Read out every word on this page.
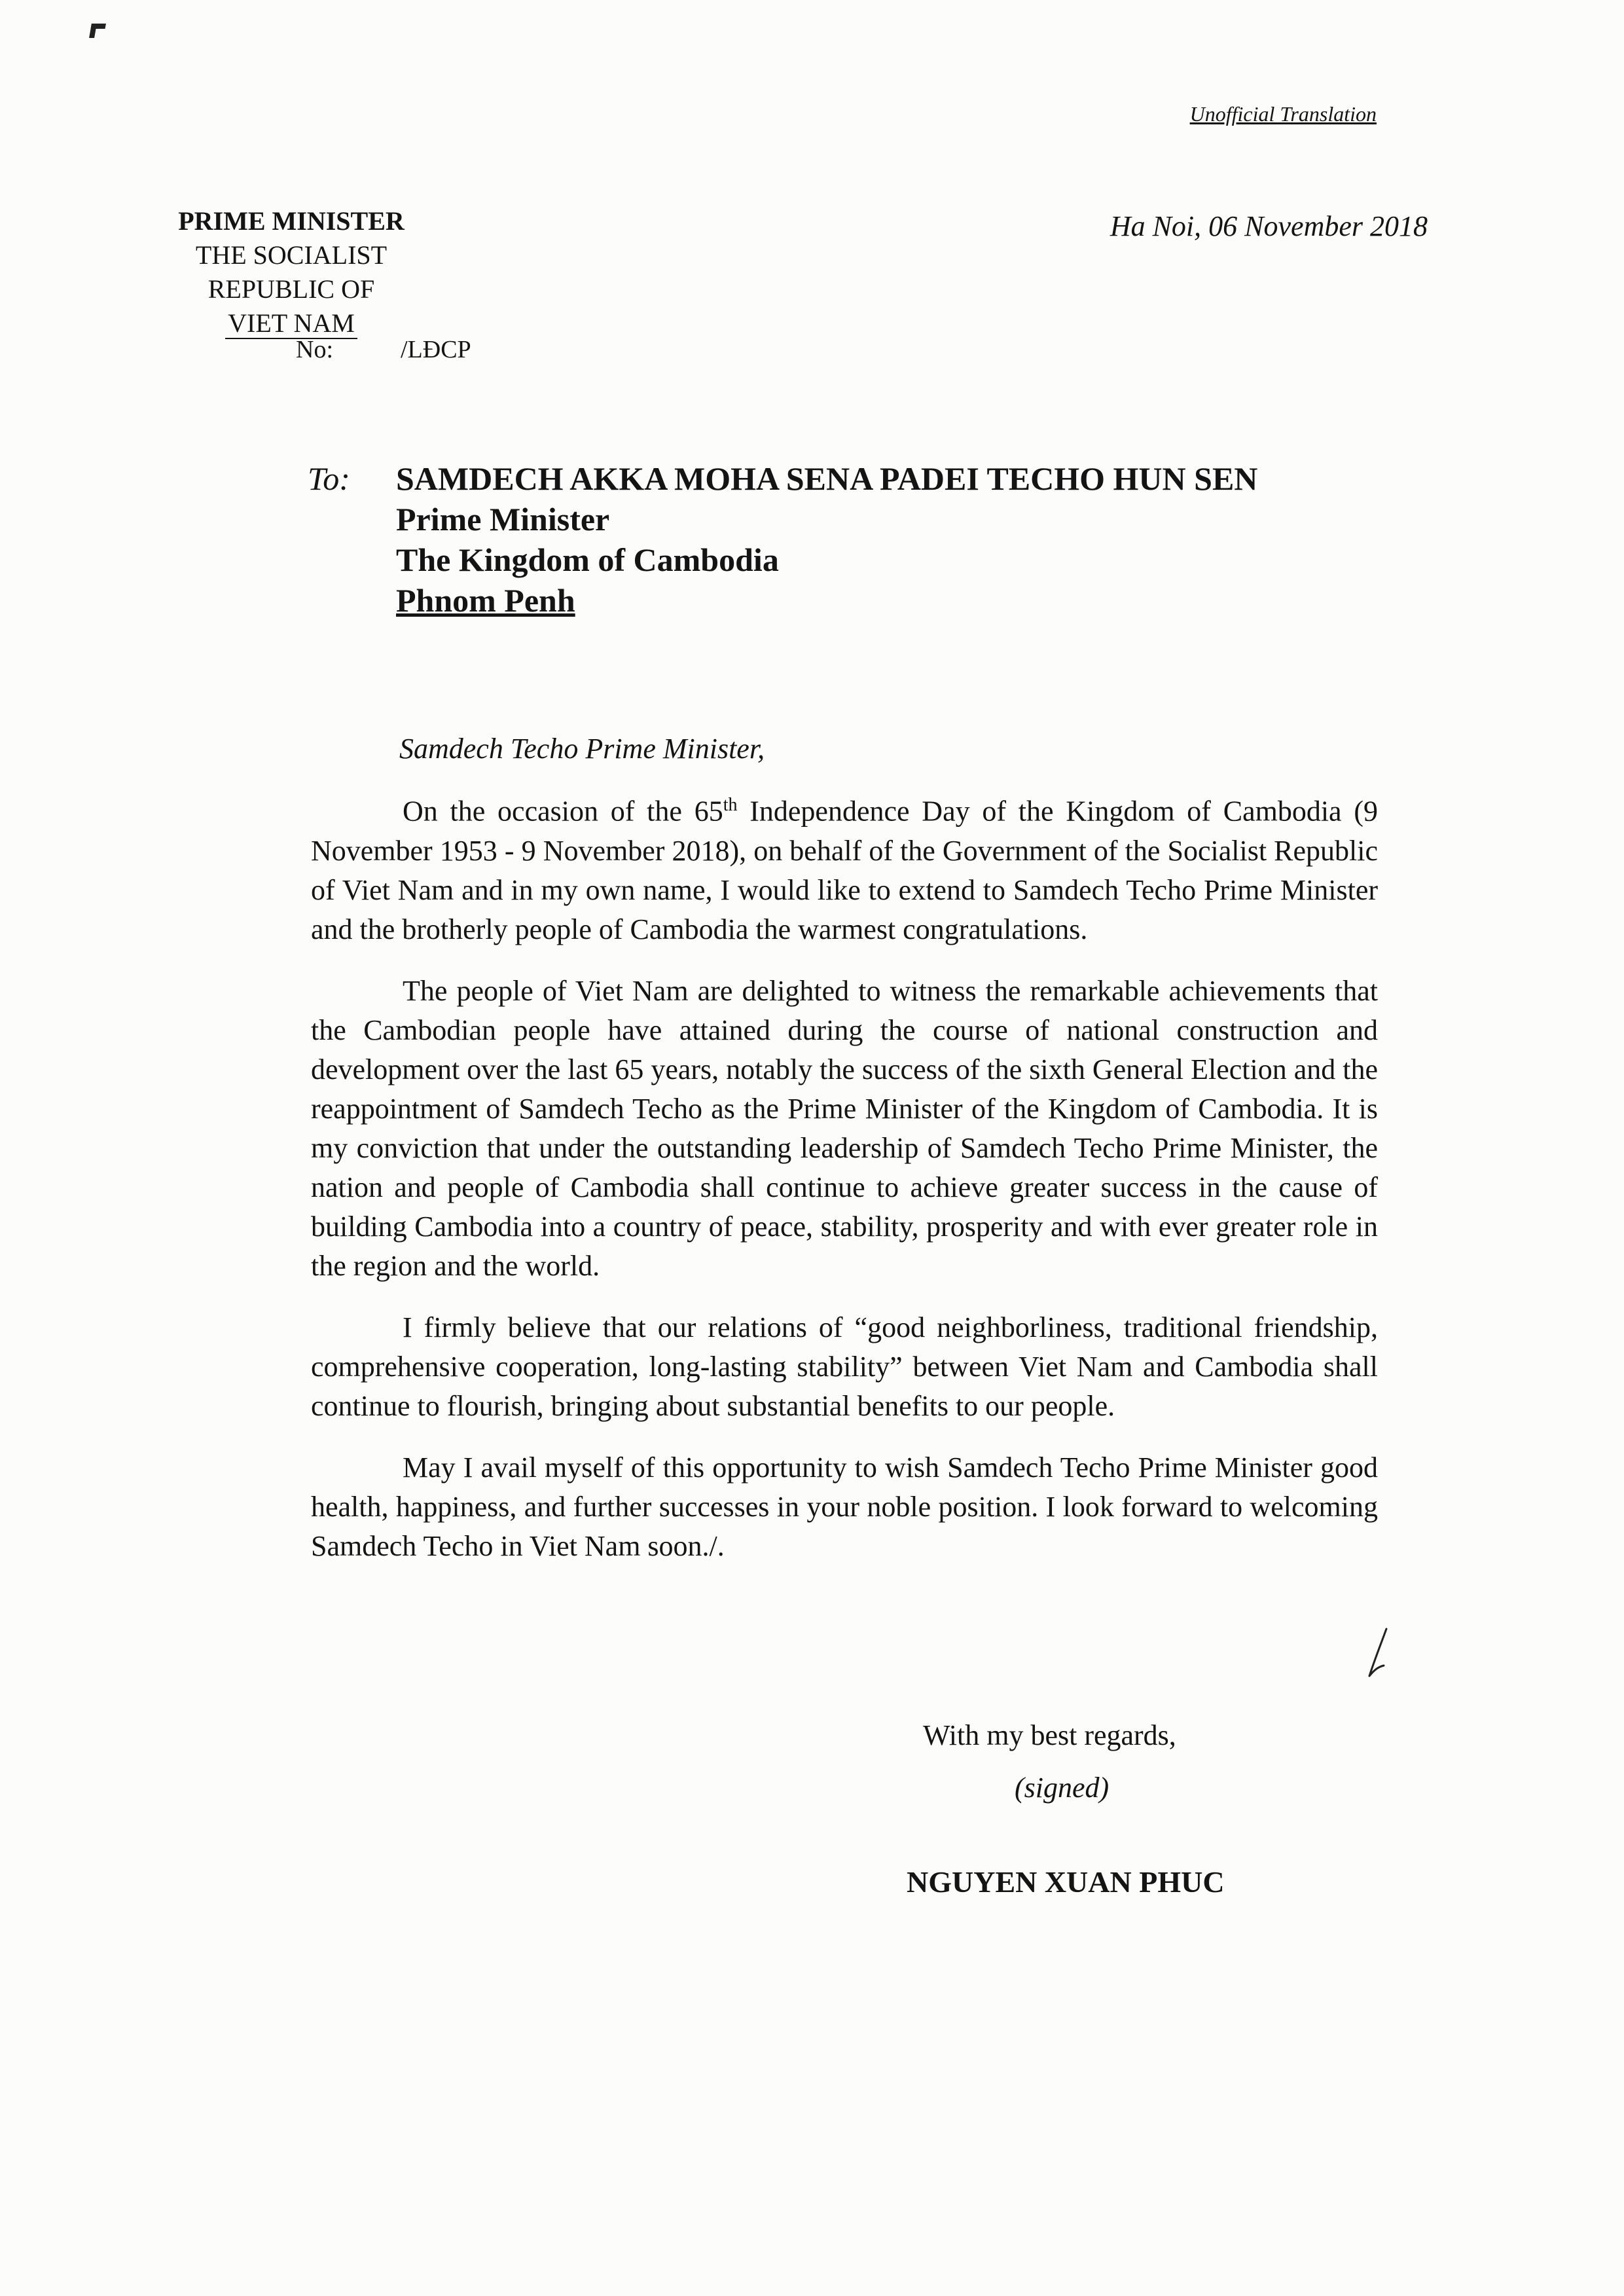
Unofficial Translation
PRIME MINISTER
THE SOCIALIST REPUBLIC OF
VIET NAM
Ha Noi, 06 November 2018
No:	/LĐCP
To: SAMDECH AKKA MOHA SENA PADEI TECHO HUN SEN
Prime Minister
The Kingdom of Cambodia
Phnom Penh
Samdech Techo Prime Minister,

On the occasion of the 65th Independence Day of the Kingdom of Cambodia (9 November 1953 - 9 November 2018), on behalf of the Government of the Socialist Republic of Viet Nam and in my own name, I would like to extend to Samdech Techo Prime Minister and the brotherly people of Cambodia the warmest congratulations.

The people of Viet Nam are delighted to witness the remarkable achievements that the Cambodian people have attained during the course of national construction and development over the last 65 years, notably the success of the sixth General Election and the reappointment of Samdech Techo as the Prime Minister of the Kingdom of Cambodia. It is my conviction that under the outstanding leadership of Samdech Techo Prime Minister, the nation and people of Cambodia shall continue to achieve greater success in the cause of building Cambodia into a country of peace, stability, prosperity and with ever greater role in the region and the world.

I firmly believe that our relations of “good neighborliness, traditional friendship, comprehensive cooperation, long-lasting stability” between Viet Nam and Cambodia shall continue to flourish, bringing about substantial benefits to our people.

May I avail myself of this opportunity to wish Samdech Techo Prime Minister good health, happiness, and further successes in your noble position. I look forward to welcoming Samdech Techo in Viet Nam soon./.

With my best regards,
(signed)
NGUYEN XUAN PHUC
